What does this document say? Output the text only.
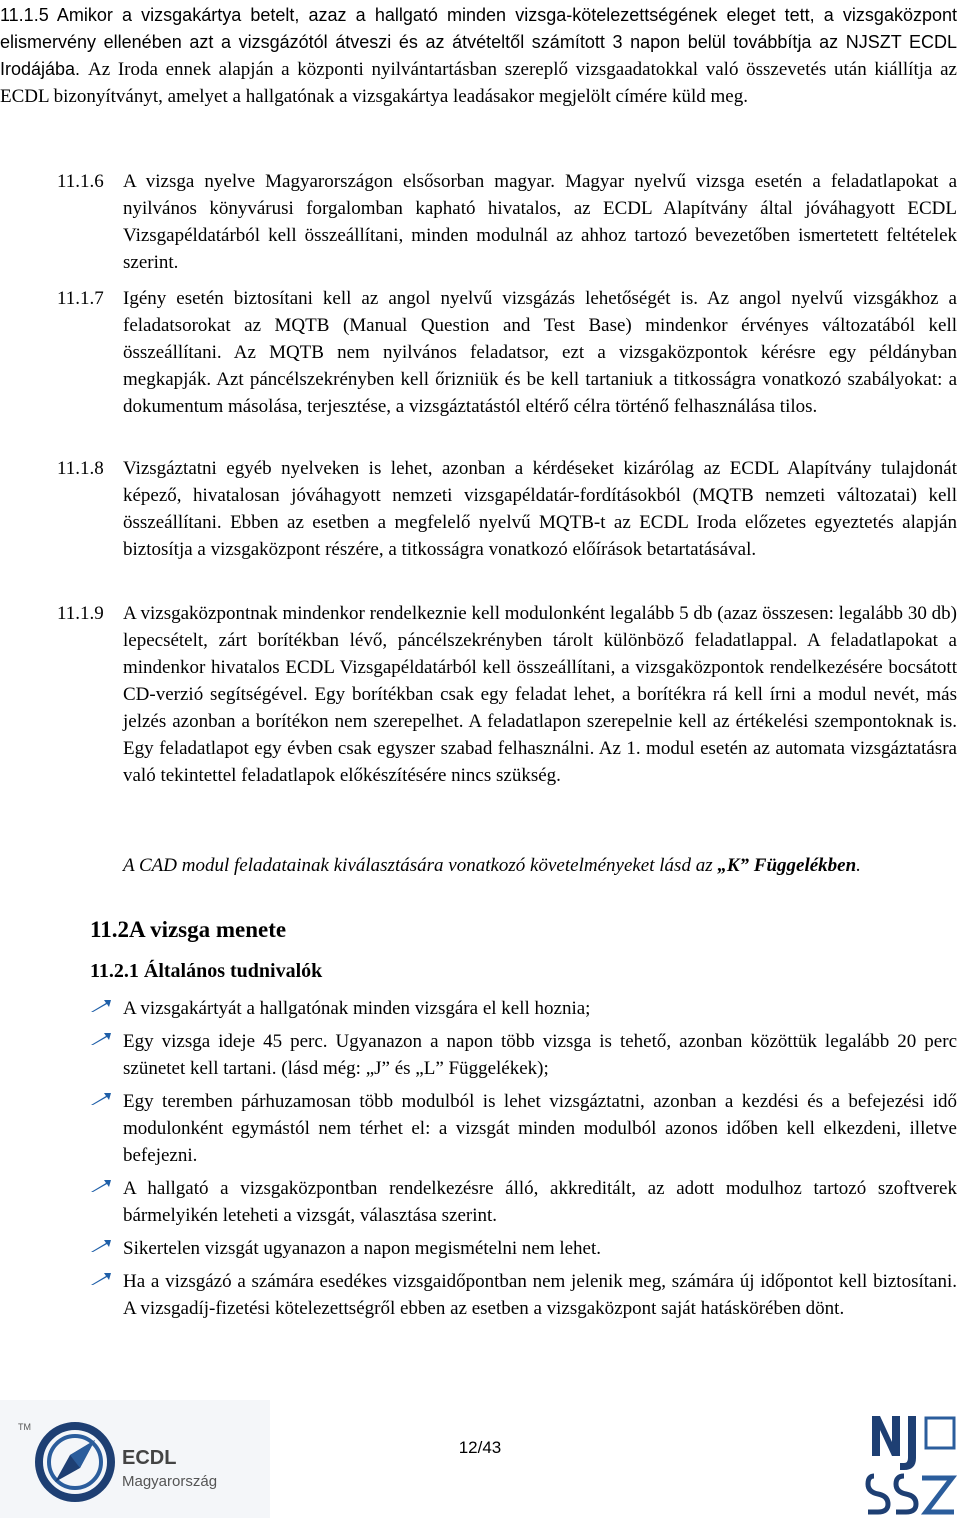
11.1.5 Amikor a vizsgakártya betelt, azaz a hallgató minden vizsga-kötelezettségének eleget tett, a vizsgaközpont elismervény ellenében azt a vizsgázótól átveszi és az átvételtől számított 3 napon belül továbbítja az NJSZT ECDL Irodájába. Az Iroda ennek alapján a központi nyilvántartásban szereplő vizsgaadatokkal való összevetés után kiállítja az ECDL bizonyítványt, amelyet a hallgatónak a vizsgakártya leadásakor megjelölt címére küld meg.
11.1.6 A vizsga nyelve Magyarországon elsősorban magyar. Magyar nyelvű vizsga esetén a feladatlapokat a nyilvános könyvárusi forgalomban kapható hivatalos, az ECDL Alapítvány által jóváhagyott ECDL Vizsgapéldatárból kell összeállítani, minden modulnál az ahhoz tartozó bevezetőben ismertetett feltételek szerint.
11.1.7 Igény esetén biztosítani kell az angol nyelvű vizsgázás lehetőségét is. Az angol nyelvű vizsgákhoz a feladatsorokat az MQTB (Manual Question and Test Base) mindenkor érvényes változatából kell összeállítani. Az MQTB nem nyilvános feladatsor, ezt a vizsgaközpontok kérésre egy példányban megkapják. Azt páncélszekrényben kell őrizniük és be kell tartaniuk a titkosságra vonatkozó szabályokat: a dokumentum másolása, terjesztése, a vizsgáztatástól eltérő célra történő felhasználása tilos.
11.1.8 Vizsgáztatni egyéb nyelveken is lehet, azonban a kérdéseket kizárólag az ECDL Alapítvány tulajdonát képező, hivatalosan jóváhagyott nemzeti vizsgapéldatár-fordításokból (MQTB nemzeti változatai) kell összeállítani. Ebben az esetben a megfelelő nyelvű MQTB-t az ECDL Iroda előzetes egyeztetés alapján biztosítja a vizsgaközpont részére, a titkosságra vonatkozó előírások betartatásával.
11.1.9 A vizsgaközpontnak mindenkor rendelkeznie kell modulonként legalább 5 db (azaz összesen: legalább 30 db) lepecsételt, zárt borítékban lévő, páncélszekrényben tárolt különböző feladatlappal. A feladatlapokat a mindenkor hivatalos ECDL Vizsgapéldatárból kell összeállítani, a vizsgaközpontok rendelkezésére bocsátott CD-verzió segítségével. Egy borítékban csak egy feladat lehet, a borítékra rá kell írni a modul nevét, más jelzés azonban a borítékon nem szerepelhet. A feladatlapon szerepelnie kell az értékelési szempontoknak is. Egy feladatlapot egy évben csak egyszer szabad felhasználni. Az 1. modul esetén az automata vizsgáztatásra való tekintettel feladatlapok előkészítésére nincs szükség.
A CAD modul feladatainak kiválasztására vonatkozó követelményeket lásd az „K” Függelékben.
11.2A vizsga menete
11.2.1 Általános tudnivalók
A vizsgakártyát a hallgatónak minden vizsgára el kell hoznia;
Egy vizsga ideje 45 perc. Ugyanazon a napon több vizsga is tehető, azonban közöttük legalább 20 perc szünetet kell tartani. (lásd még: „J” és „L” Függelékek);
Egy teremben párhuzamosan több modulból is lehet vizsgáztatni, azonban a kezdési és a befejezési idő modulonként egymástól nem térhet el: a vizsgát minden modulból azonos időben kell elkezdeni, illetve befejezni.
A hallgató a vizsgaközpontban rendelkezésre álló, akkreditált, az adott modulhoz tartozó szoftverek bármelyikén leteheti a vizsgát, választása szerint.
Sikertelen vizsgát ugyanazon a napon megismételni nem lehet.
Ha a vizsgázó a számára esedékes vizsgaidőpontban nem jelenik meg, számára új időpontot kell biztosítani. A vizsgadíj-fizetési kötelezettségről ebben az esetben a vizsgaközpont saját hatáskörében dönt.
TM
ECDL
Magyarország
12/43
